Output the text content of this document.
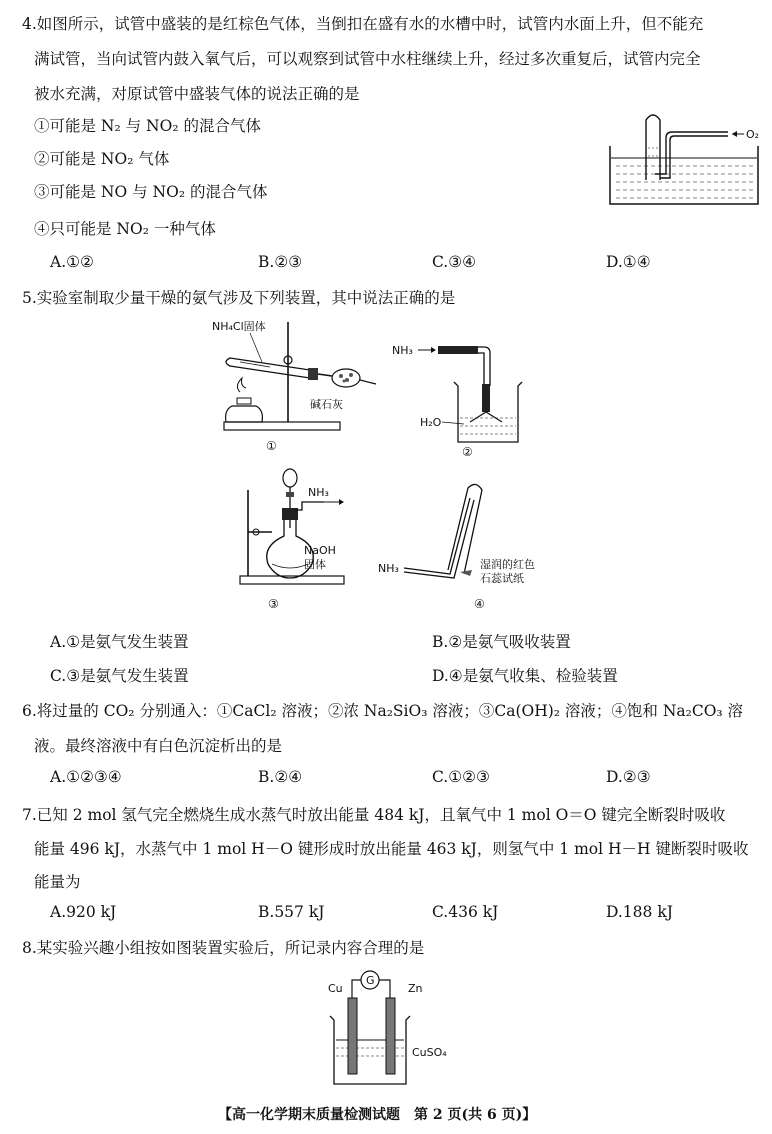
4.如图所示，试管中盛装的是红棕色气体，当倒扣在盛有水的水槽中时，试管内水面上升，但不能充
满试管，当向试管内鼓入氧气后，可以观察到试管中水柱继续上升，经过多次重复后，试管内完全
被水充满，对原试管中盛装气体的说法正确的是
①可能是 N₂ 与 NO₂ 的混合气体
②可能是 NO₂ 气体
③可能是 NO 与 NO₂ 的混合气体
④只可能是 NO₂ 一种气体
A.①②	B.②③	C.③④	D.①④
O₂
5.实验室制取少量干燥的氨气涉及下列装置，其中说法正确的是
NH₄Cl固体
碱石灰
①
NH₃
H₂O
②
NH₃
NaOH
固体
③
NH₃	湿润的红色
石蕊试纸
④
A.①是氨气发生装置	B.②是氨气吸收装置
C.③是氨气发生装置	D.④是氨气收集、检验装置
6.将过量的 CO₂ 分别通入：①CaCl₂ 溶液；②浓 Na₂SiO₃ 溶液；③Ca(OH)₂ 溶液；④饱和 Na₂CO₃ 溶
液。最终溶液中有白色沉淀析出的是
A.①②③④	B.②④	C.①②③	D.②③
7.已知 2 mol 氢气完全燃烧生成水蒸气时放出能量 484 kJ，且氧气中 1 mol O＝O 键完全断裂时吸收
能量 496 kJ，水蒸气中 1 mol H－O 键形成时放出能量 463 kJ，则氢气中 1 mol H－H 键断裂时吸收
能量为
A.920 kJ	B.557 kJ	C.436 kJ	D.188 kJ
8.某实验兴趣小组按如图装置实验后，所记录内容合理的是
G
Cu	Zn
CuSO₄
【高一化学期末质量检测试题　第 2 页(共 6 页)】
